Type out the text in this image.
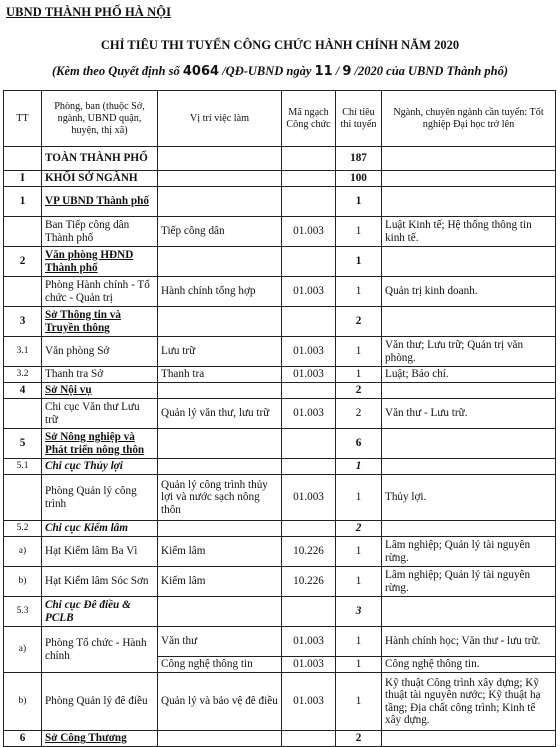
UBND THÀNH PHỐ HÀ NỘI
CHỈ TIÊU THI TUYỂN CÔNG CHỨC HÀNH CHÍNH NĂM 2020
(Kèm theo Quyết định số 4064 /QĐ-UBND ngày 11 / 9 /2020 của UBND Thành phố)
TT	Phòng, ban (thuộc Sở, ngành, UBND quận, huyện, thị xã)	Vị trí việc làm	Mã ngạch Công chức	Chỉ tiêu thi tuyển	Ngành, chuyên ngành cần tuyển: Tốt nghiệp Đại học trở lên
	TOÀN THÀNH PHỐ			187	
I	KHỐI SỞ NGÀNH			100	
1	VP UBND Thành phố			1	
	Ban Tiếp công dân Thành phố	Tiếp công dân	01.003	1	Luật Kinh tế; Hệ thống thông tin kinh tế.
2	Văn phòng HĐND Thành phố			1	
	Phòng Hành chính - Tổ chức - Quản trị	Hành chính tổng hợp	01.003	1	Quản trị kinh doanh.
3	Sở Thông tin và Truyền thông			2	
3.1	Văn phòng Sở	Lưu trữ	01.003	1	Văn thư; Lưu trữ; Quản trị văn phòng.
3.2	Thanh tra Sở	Thanh tra	01.003	1	Luật; Báo chí.
4	Sở Nội vụ			2	
	Chi cục Văn thư Lưu trữ	Quản lý văn thư, lưu trữ	01.003	2	Văn thư - Lưu trữ.
5	Sở Nông nghiệp và Phát triển nông thôn			6	
5.1	Chi cục Thủy lợi			1	
	Phòng Quản lý công trình	Quản lý công trình thủy lợi và nước sạch nông thôn	01.003	1	Thủy lợi.
5.2	Chi cục Kiểm lâm			2	
a)	Hạt Kiểm lâm Ba Vì	Kiểm lâm	10.226	1	Lâm nghiệp; Quản lý tài nguyên rừng.
b)	Hạt Kiểm lâm Sóc Sơn	Kiểm lâm	10.226	1	Lâm nghiệp; Quản lý tài nguyên rừng.
5.3	Chi cục Đê điều & PCLB			3	
a)	Phòng Tổ chức - Hành chính	Văn thư	01.003	1	Hành chính học; Văn thư - lưu trữ.
		Công nghệ thông tin	01.003	1	Công nghệ thông tin.
b)	Phòng Quản lý đê điều	Quản lý và bảo vệ đê điều	01.003	1	Kỹ thuật Công trình xây dựng; Kỹ thuật tài nguyên nước; Kỹ thuật hạ tầng; Địa chất công trình; Kinh tế xây dựng.
6	Sở Công Thương			2	
